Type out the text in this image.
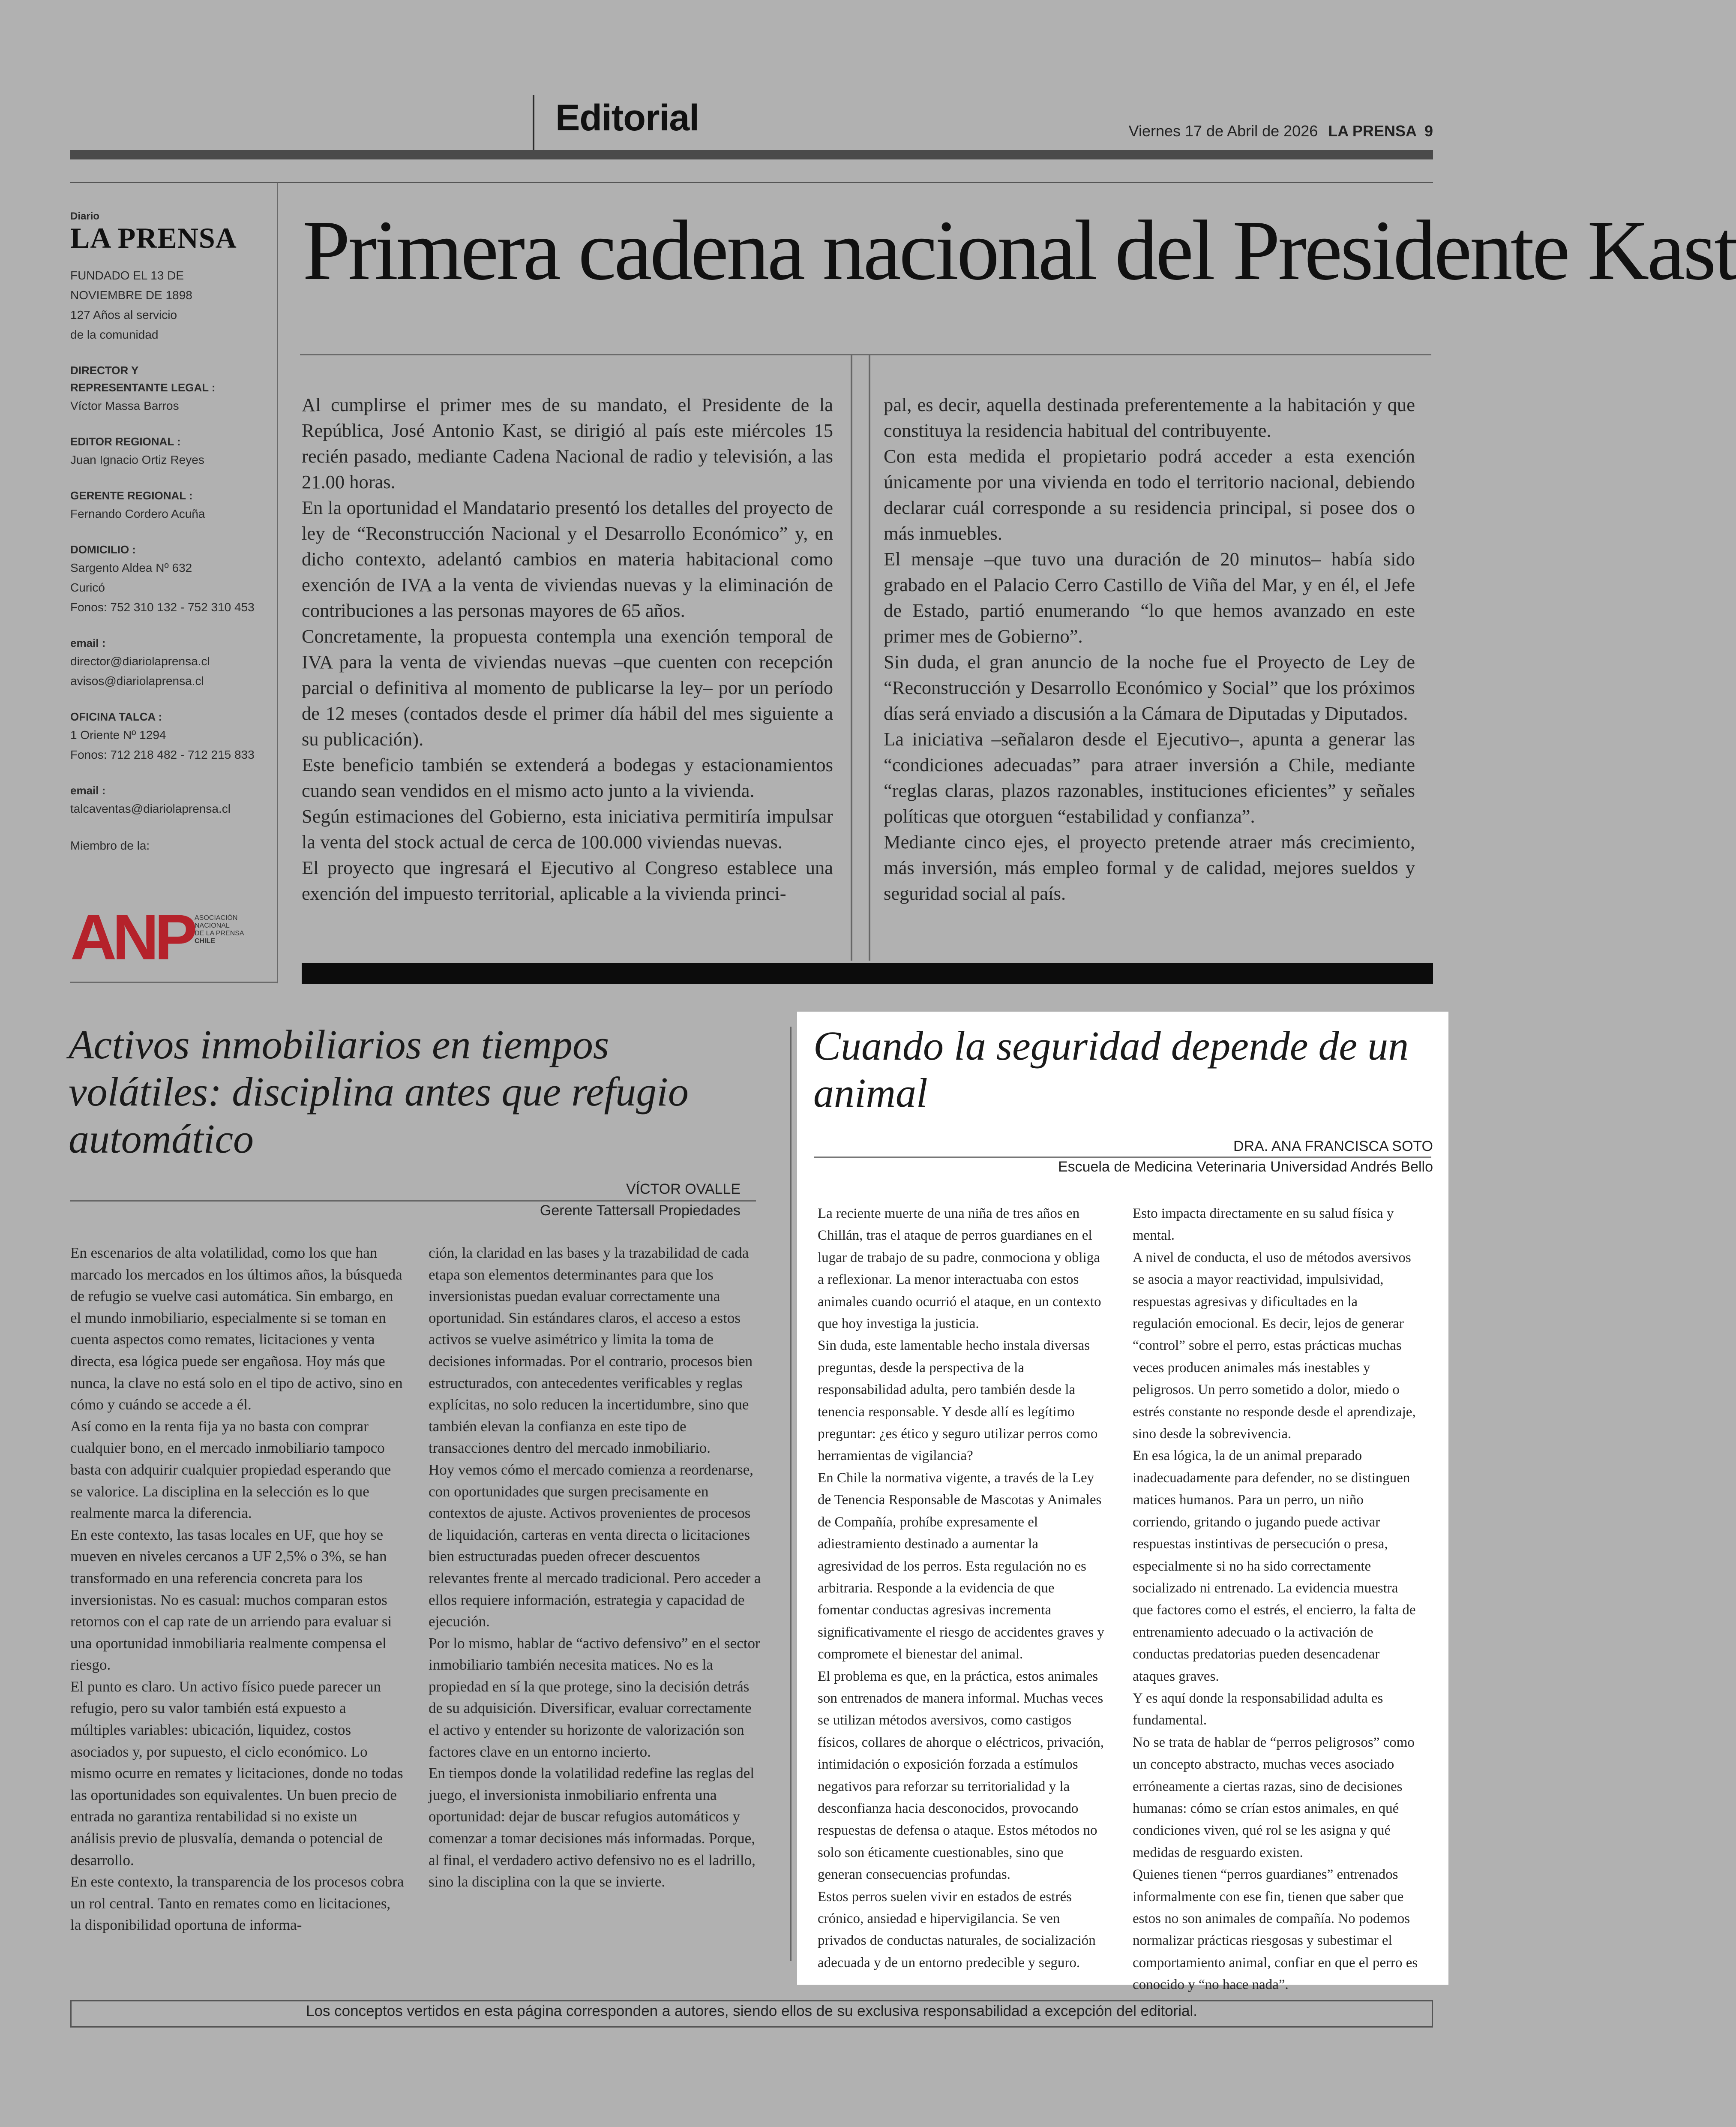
Editorial	Viernes 17 de Abril de 2026 LA PRENSA 9
Diario
LA PRENSA
FUNDADO EL 13 DE
NOVIEMBRE DE 1898
127 Años al servicio
de la comunidad
DIRECTOR Y
REPRESENTANTE LEGAL :
Víctor Massa Barros
EDITOR REGIONAL :
Juan Ignacio Ortiz Reyes
GERENTE REGIONAL :
Fernando Cordero Acuña
DOMICILIO :
Sargento Aldea Nº 632
Curicó
Fonos: 752 310 132 - 752 310 453
email :
director@diariolaprensa.cl
avisos@diariolaprensa.cl
OFICINA TALCA :
1 Oriente Nº 1294
Fonos: 712 218 482 - 712 215 833
email :
talcaventas@diariolaprensa.cl
Miembro de la:
ANP ASOCIACIÓN
NACIONAL
DE LA PRENSA
CHILE
Primera cadena nacional del Presidente Kast

Al cumplirse el primer mes de su mandato, el Presidente de la República, José Antonio Kast, se dirigió al país este miércoles 15 recién pasado, mediante Cadena Nacional de radio y televisión, a las 21.00 horas.

En la oportunidad el Mandatario presentó los detalles del proyecto de ley de “Reconstrucción Nacional y el Desarrollo Económico” y, en dicho contexto, adelantó cambios en materia habitacional como exención de IVA a la venta de viviendas nuevas y la eliminación de contribuciones a las personas mayores de 65 años.

Concretamente, la propuesta contempla una exención temporal de IVA para la venta de viviendas nuevas –que cuenten con recepción parcial o definitiva al momento de publicarse la ley– por un período de 12 meses (contados desde el primer día hábil del mes siguiente a su publicación).

Este beneficio también se extenderá a bodegas y estacionamientos cuando sean vendidos en el mismo acto junto a la vivienda.

Según estimaciones del Gobierno, esta iniciativa permitiría impulsar la venta del stock actual de cerca de 100.000 viviendas nuevas.

El proyecto que ingresará el Ejecutivo al Congreso establece una exención del impuesto territorial, aplicable a la vivienda princi-

pal, es decir, aquella destinada preferentemente a la habitación y que constituya la residencia habitual del contribuyente.

Con esta medida el propietario podrá acceder a esta exención únicamente por una vivienda en todo el territorio nacional, debiendo declarar cuál corresponde a su residencia principal, si posee dos o más inmuebles.

El mensaje –que tuvo una duración de 20 minutos– había sido grabado en el Palacio Cerro Castillo de Viña del Mar, y en él, el Jefe de Estado, partió enumerando “lo que hemos avanzado en este primer mes de Gobierno”.

Sin duda, el gran anuncio de la noche fue el Proyecto de Ley de “Reconstrucción y Desarrollo Económico y Social” que los próximos días será enviado a discusión a la Cámara de Diputadas y Diputados.

La iniciativa –señalaron desde el Ejecutivo–, apunta a generar las “condiciones adecuadas” para atraer inversión a Chile, mediante “reglas claras, plazos razonables, instituciones eficientes” y señales políticas que otorguen “estabilidad y confianza”.

Mediante cinco ejes, el proyecto pretende atraer más crecimiento, más inversión, más empleo formal y de calidad, mejores sueldos y seguridad social al país.

Activos inmobiliarios en tiempos volátiles: disciplina antes que refugio automático
VÍCTOR OVALLE
Gerente Tattersall Propiedades

En escenarios de alta volatilidad, como los que han marcado los mercados en los últimos años, la búsqueda de refugio se vuelve casi automática. Sin embargo, en el mundo inmobiliario, especialmente si se toman en cuenta aspectos como remates, licitaciones y venta directa, esa lógica puede ser engañosa. Hoy más que nunca, la clave no está solo en el tipo de activo, sino en cómo y cuándo se accede a él.

Así como en la renta fija ya no basta con comprar cualquier bono, en el mercado inmobiliario tampoco basta con adquirir cualquier propiedad esperando que se valorice. La disciplina en la selección es lo que realmente marca la diferencia.

En este contexto, las tasas locales en UF, que hoy se mueven en niveles cercanos a UF 2,5% o 3%, se han transformado en una referencia concreta para los inversionistas. No es casual: muchos comparan estos retornos con el cap rate de un arriendo para evaluar si una oportunidad inmobiliaria realmente compensa el riesgo.

El punto es claro. Un activo físico puede parecer un refugio, pero su valor también está expuesto a múltiples variables: ubicación, liquidez, costos asociados y, por supuesto, el ciclo económico. Lo mismo ocurre en remates y licitaciones, donde no todas las oportunidades son equivalentes. Un buen precio de entrada no garantiza rentabilidad si no existe un análisis previo de plusvalía, demanda o potencial de desarrollo.

En este contexto, la transparencia de los procesos cobra un rol central. Tanto en remates como en licitaciones, la disponibilidad oportuna de informa-

ción, la claridad en las bases y la trazabilidad de cada etapa son elementos determinantes para que los inversionistas puedan evaluar correctamente una oportunidad. Sin estándares claros, el acceso a estos activos se vuelve asimétrico y limita la toma de decisiones informadas. Por el contrario, procesos bien estructurados, con antecedentes verificables y reglas explícitas, no solo reducen la incertidumbre, sino que también elevan la confianza en este tipo de transacciones dentro del mercado inmobiliario.

Hoy vemos cómo el mercado comienza a reordenarse, con oportunidades que surgen precisamente en contextos de ajuste. Activos provenientes de procesos de liquidación, carteras en venta directa o licitaciones bien estructuradas pueden ofrecer descuentos relevantes frente al mercado tradicional. Pero acceder a ellos requiere información, estrategia y capacidad de ejecución.

Por lo mismo, hablar de “activo defensivo” en el sector inmobiliario también necesita matices. No es la propiedad en sí la que protege, sino la decisión detrás de su adquisición. Diversificar, evaluar correctamente el activo y entender su horizonte de valorización son factores clave en un entorno incierto.

En tiempos donde la volatilidad redefine las reglas del juego, el inversionista inmobiliario enfrenta una oportunidad: dejar de buscar refugios automáticos y comenzar a tomar decisiones más informadas. Porque, al final, el verdadero activo defensivo no es el ladrillo, sino la disciplina con la que se invierte.

Cuando la seguridad depende de un animal
DRA. ANA FRANCISCA SOTO
Escuela de Medicina Veterinaria Universidad Andrés Bello

La reciente muerte de una niña de tres años en Chillán, tras el ataque de perros guardianes en el lugar de trabajo de su padre, conmociona y obliga a reflexionar. La menor interactuaba con estos animales cuando ocurrió el ataque, en un contexto que hoy investiga la justicia.

Sin duda, este lamentable hecho instala diversas preguntas, desde la perspectiva de la responsabilidad adulta, pero también desde la tenencia responsable. Y desde allí es legítimo preguntar: ¿es ético y seguro utilizar perros como herramientas de vigilancia?

En Chile la normativa vigente, a través de la Ley de Tenencia Responsable de Mascotas y Animales de Compañía, prohíbe expresamente el adiestramiento destinado a aumentar la agresividad de los perros. Esta regulación no es arbitraria. Responde a la evidencia de que fomentar conductas agresivas incrementa significativamente el riesgo de accidentes graves y compromete el bienestar del animal.

El problema es que, en la práctica, estos animales son entrenados de manera informal. Muchas veces se utilizan métodos aversivos, como castigos físicos, collares de ahorque o eléctricos, privación, intimidación o exposición forzada a estímulos negativos para reforzar su territorialidad y la desconfianza hacia desconocidos, provocando respuestas de defensa o ataque. Estos métodos no solo son éticamente cuestionables, sino que generan consecuencias profundas.

Estos perros suelen vivir en estados de estrés crónico, ansiedad e hipervigilancia. Se ven privados de conductas naturales, de socialización adecuada y de un entorno predecible y seguro.

Esto impacta directamente en su salud física y mental.

A nivel de conducta, el uso de métodos aversivos se asocia a mayor reactividad, impulsividad, respuestas agresivas y dificultades en la regulación emocional. Es decir, lejos de generar “control” sobre el perro, estas prácticas muchas veces producen animales más inestables y peligrosos. Un perro sometido a dolor, miedo o estrés constante no responde desde el aprendizaje, sino desde la sobrevivencia.

En esa lógica, la de un animal preparado inadecuadamente para defender, no se distinguen matices humanos. Para un perro, un niño corriendo, gritando o jugando puede activar respuestas instintivas de persecución o presa, especialmente si no ha sido correctamente socializado ni entrenado. La evidencia muestra que factores como el estrés, el encierro, la falta de entrenamiento adecuado o la activación de conductas predatorias pueden desencadenar ataques graves.

Y es aquí donde la responsabilidad adulta es fundamental.

No se trata de hablar de “perros peligrosos” como un concepto abstracto, muchas veces asociado erróneamente a ciertas razas, sino de decisiones humanas: cómo se crían estos animales, en qué condiciones viven, qué rol se les asigna y qué medidas de resguardo existen.

Quienes tienen “perros guardianes” entrenados informalmente con ese fin, tienen que saber que estos no son animales de compañía. No podemos normalizar prácticas riesgosas y subestimar el comportamiento animal, confiar en que el perro es conocido y “no hace nada”.

Los conceptos vertidos en esta página corresponden a autores, siendo ellos de su exclusiva responsabilidad a excepción del editorial.
